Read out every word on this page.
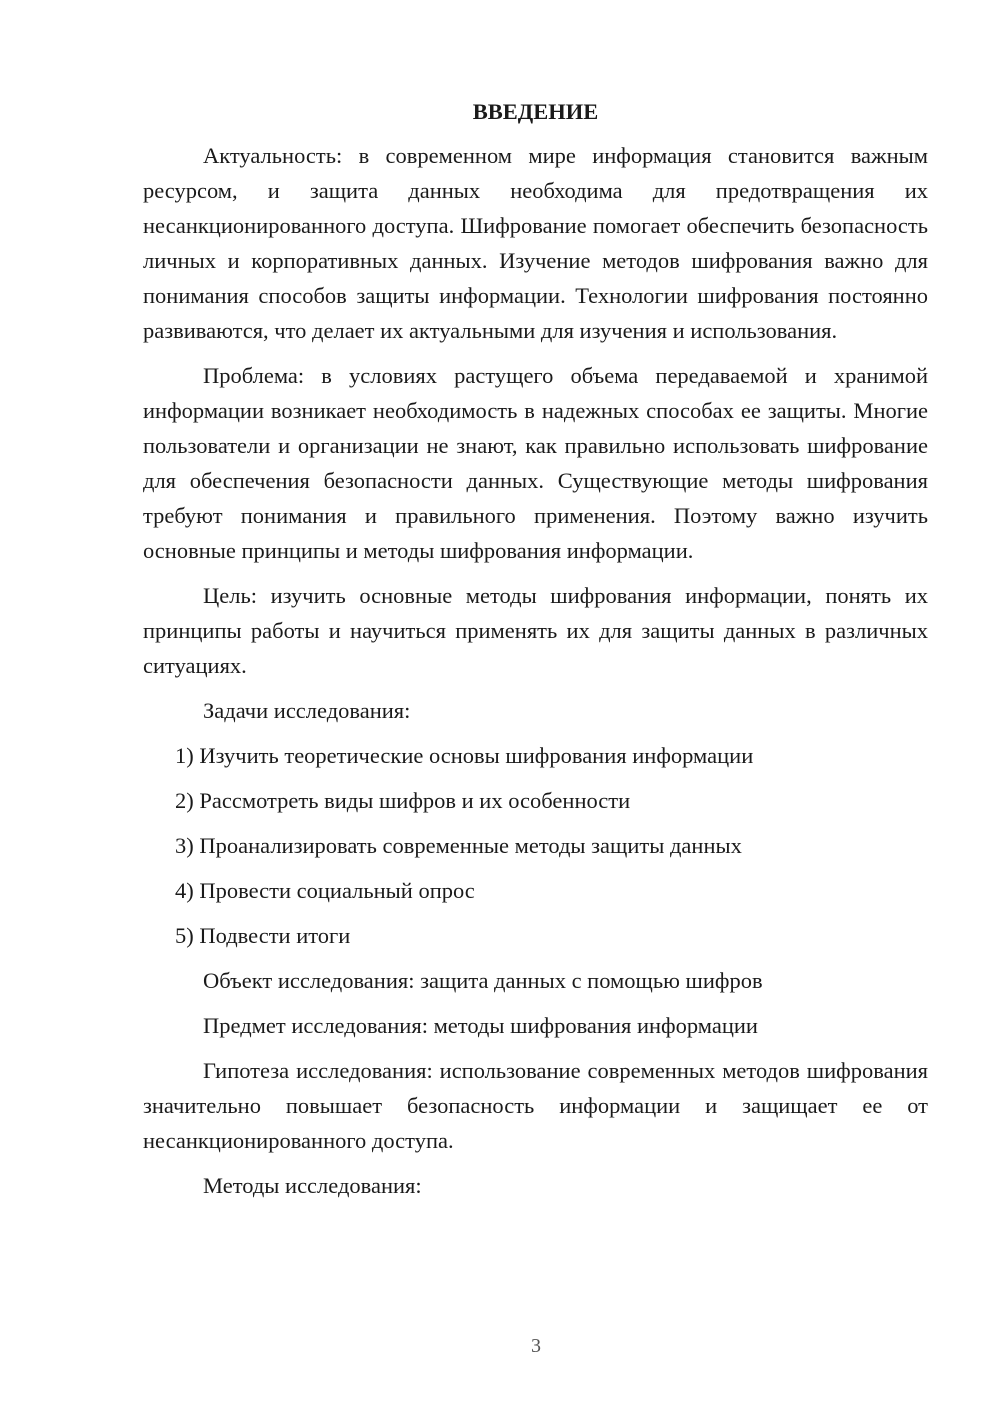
ВВЕДЕНИЕ

Актуальность: в современном мире информация становится важным ресурсом, и защита данных необходима для предотвращения их несанкционированного доступа. Шифрование помогает обеспечить безопасность личных и корпоративных данных. Изучение методов шифрования важно для понимания способов защиты информации. Технологии шифрования постоянно развиваются, что делает их актуальными для изучения и использования.

Проблема: в условиях растущего объема передаваемой и хранимой информации возникает необходимость в надежных способах ее защиты. Многие пользователи и организации не знают, как правильно использовать шифрование для обеспечения безопасности данных. Существующие методы шифрования требуют понимания и правильного применения. Поэтому важно изучить основные принципы и методы шифрования информации.

Цель: изучить основные методы шифрования информации, понять их принципы работы и научиться применять их для защиты данных в различных ситуациях.

Задачи исследования:

1) Изучить теоретические основы шифрования информации
2) Рассмотреть виды шифров и их особенности
3) Проанализировать современные методы защиты данных
4) Провести социальный опрос
5) Подвести итоги

Объект исследования: защита данных с помощью шифров

Предмет исследования: методы шифрования информации

Гипотеза исследования: использование современных методов шифрования значительно повышает безопасность информации и защищает ее от несанкционированного доступа.

Методы исследования:

3
